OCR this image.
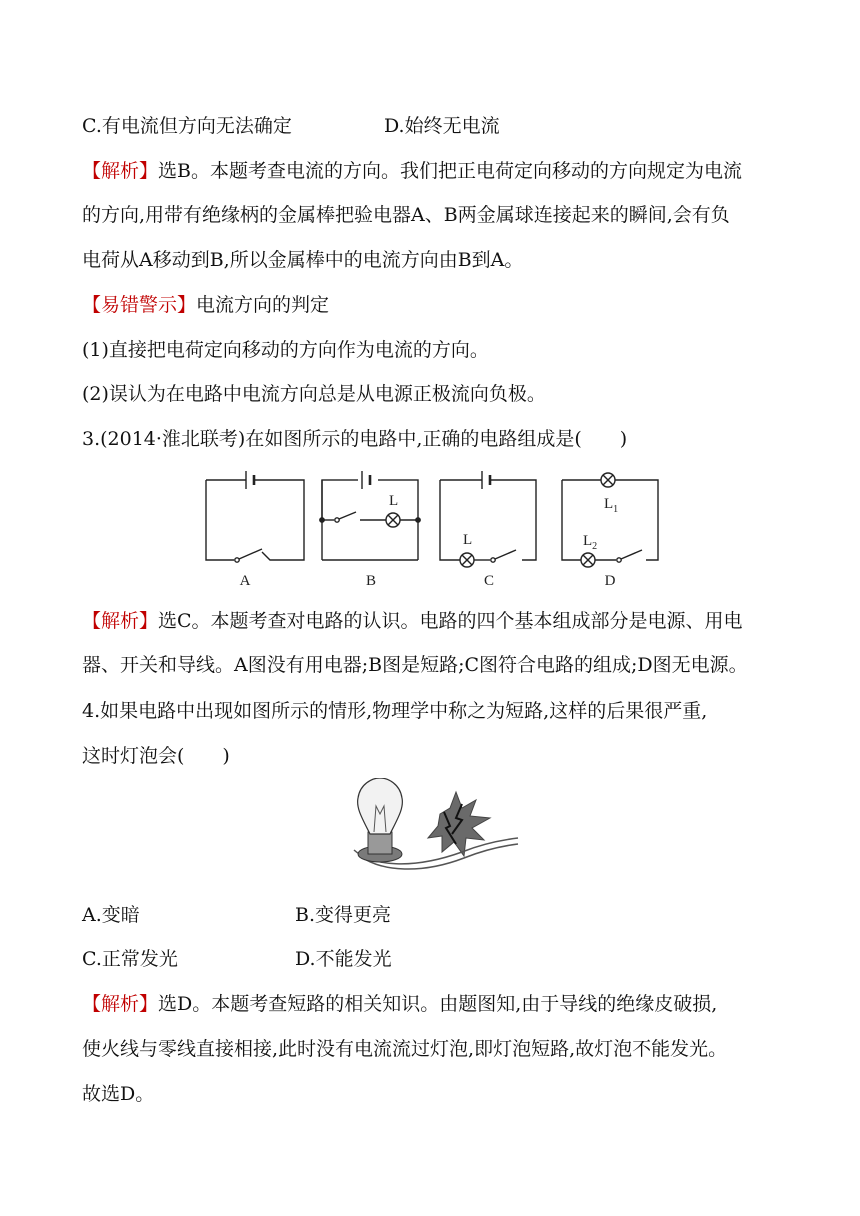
C.有电流但方向无法确定	D.始终无电流
【解析】选B。本题考查电流的方向。我们把正电荷定向移动的方向规定为电流
的方向,用带有绝缘柄的金属棒把验电器A、B两金属球连接起来的瞬间,会有负
电荷从A移动到B,所以金属棒中的电流方向由B到A。
【易错警示】电流方向的判定
(1)直接把电荷定向移动的方向作为电流的方向。
(2)误认为在电路中电流方向总是从电源正极流向负极。
3.(2014·淮北联考)在如图所示的电路中,正确的电路组成是(　　)
L
L
$L_1$
$L_2$
A	B	C	D
【解析】选C。本题考查对电路的认识。电路的四个基本组成部分是电源、用电
器、开关和导线。A图没有用电器;B图是短路;C图符合电路的组成;D图无电源。
4.如果电路中出现如图所示的情形,物理学中称之为短路,这样的后果很严重,
这时灯泡会(　　)
A.变暗	B.变得更亮
C.正常发光	D.不能发光
【解析】选D。本题考查短路的相关知识。由题图知,由于导线的绝缘皮破损,
使火线与零线直接相接,此时没有电流流过灯泡,即灯泡短路,故灯泡不能发光。
故选D。
